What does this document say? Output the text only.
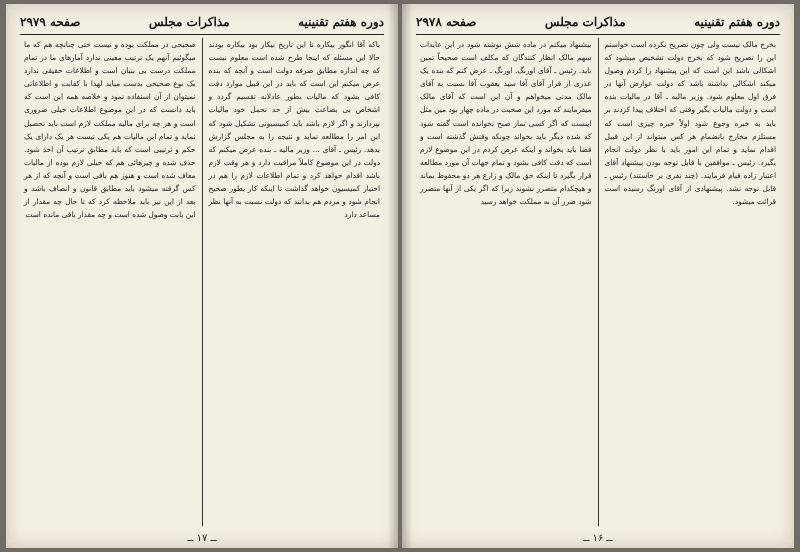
دوره هفتم تقنینیه
مذاکرات مجلس
صفحه ۲۹۷۹

باکه آقا انگور بیکاره تا این تاریخ بیکار بود بیکاره بودند حالا این مسئله که اینجا طرح شده است معلوم نیست که چه اندازه مطابق صرفه دولت است و آنچه که بنده عرض میکنم این است که باید در این قبیل موارد دقت کافی بشود که مالیات بطور عادلانه تقسیم گردد و اشخاص بی بضاعت بیش از حد تحمل خود مالیات نپردازند و اگر لازم باشد باید کمیسیونی تشکیل شود که این امر را مطالعه نماید و نتیجه را به مجلس گزارش بدهد. رئیس ـ آقای ... وزیر مالیه ـ بنده عرض میکنم که دولت در این موضوع کاملاً مراقبت دارد و هر وقت لازم باشد اقدام خواهد کرد و تمام اطلاعات لازم را هم در اختیار کمیسیون خواهد گذاشت تا اینکه کار بطور صحیح انجام شود و مردم هم بدانند که دولت نسبت به آنها نظر مساعد دارد

صحیحی در مملکت بوده و نیست حتی چنانچه هم که ما میگوئیم آنهم یک ترتیب معینی ندارد آمارهای ما در تمام مملکت درست بی بنیان است و اطلاعات حقیقی ندارد یک نوع صحیحی بدست میاید لهذا با کفایت و اطلاعاتی نمیتوان از آن استفاده نمود و خلاصه همه این است که باید دانست که در این موضوع اطلاعات خیلی ضروری است و هر چه برای مالیه مملکت لازم است باید تحصیل نماید و تمام این مالیات هم یکی نیست هر یک دارای یک حکم و ترتیبی است که باید مطابق ترتیب آن اخذ شود. حذف شده و چیزهائی هم که خیلی لازم بوده از مالیات معاف شده است و هنوز هم باقی است و آنچه که از هر کس گرفته میشود باید مطابق قانون و انصاف باشد و بعد از این نیز باید ملاحظه کرد که تا حال چه مقدار از این بابت وصول شده است و چه مقدار باقی مانده است

ــ ۱۷ ــ
دوره هفتم تقنینیه
مذاکرات مجلس
صفحه ۲۹۷۸

بخرج مالک نیست ولی چون تصریح نکرده است خواستم این را تصریح شود که بخرج دولت تشخیص میشود که اشکالی باشد این است که این پیشنهاد را کردم وصول میکند اشکالی نداشته باشد که دولت عوارض آنها در فرق اول معلوم شود. وزیر مالیه ـ آقا در مالیات بنده است و دولت مالیات بگیر وقتی که اختلاف پیدا کردند بر باید به خبره وجوع شود اولاً خبره چیزی است که مستلزم مخارج بانضمام هر کس میتواند از این قبیل اقدام نماید و تمام این امور باید با نظر دولت انجام بگیرد. رئیس ـ موافقین با قابل توجه بودن پیشنهاد آقای اعتبار زاده قیام فرمایند. (چند نفری بر خاستند) رئیس ـ قابل توجه نشد. پیشنهادی از آقای اورنگ رسیده است قرائت میشود.

بیشنهاد میکنم در ماده شش نوشته شود در این عایدات سهم مالک انظار کنندگان که مکلف است صحیحاً تمین ناید. رئیس ـ آقای اورنگ. اورنگ ـ عرض کنم که بنده یک عذری از قرار آقای آقا سید یعقوب آقا نسبت به آقای مالک مدنی میخواهم و آن این است که آقای مالک میفرمایند که مورد این صحبت در ماده چهار بود مین مثل اینست که اگر کسی نماز صبح نخوانده است گفته شود که شده دیگر باید بخواند چونکه وقتش گذشته است و قضا باید بخواند و اینکه عرض کردم در این موضوع لازم است که دقت کافی بشود و تمام جهات آن مورد مطالعه قرار بگیرد تا اینکه حق مالک و زارع هر دو محفوظ بماند و هیچکدام متضرر نشوند زیرا که اگر یکی از آنها متضرر شود ضرر آن به مملکت خواهد رسید

ــ ۱۶ ــ
